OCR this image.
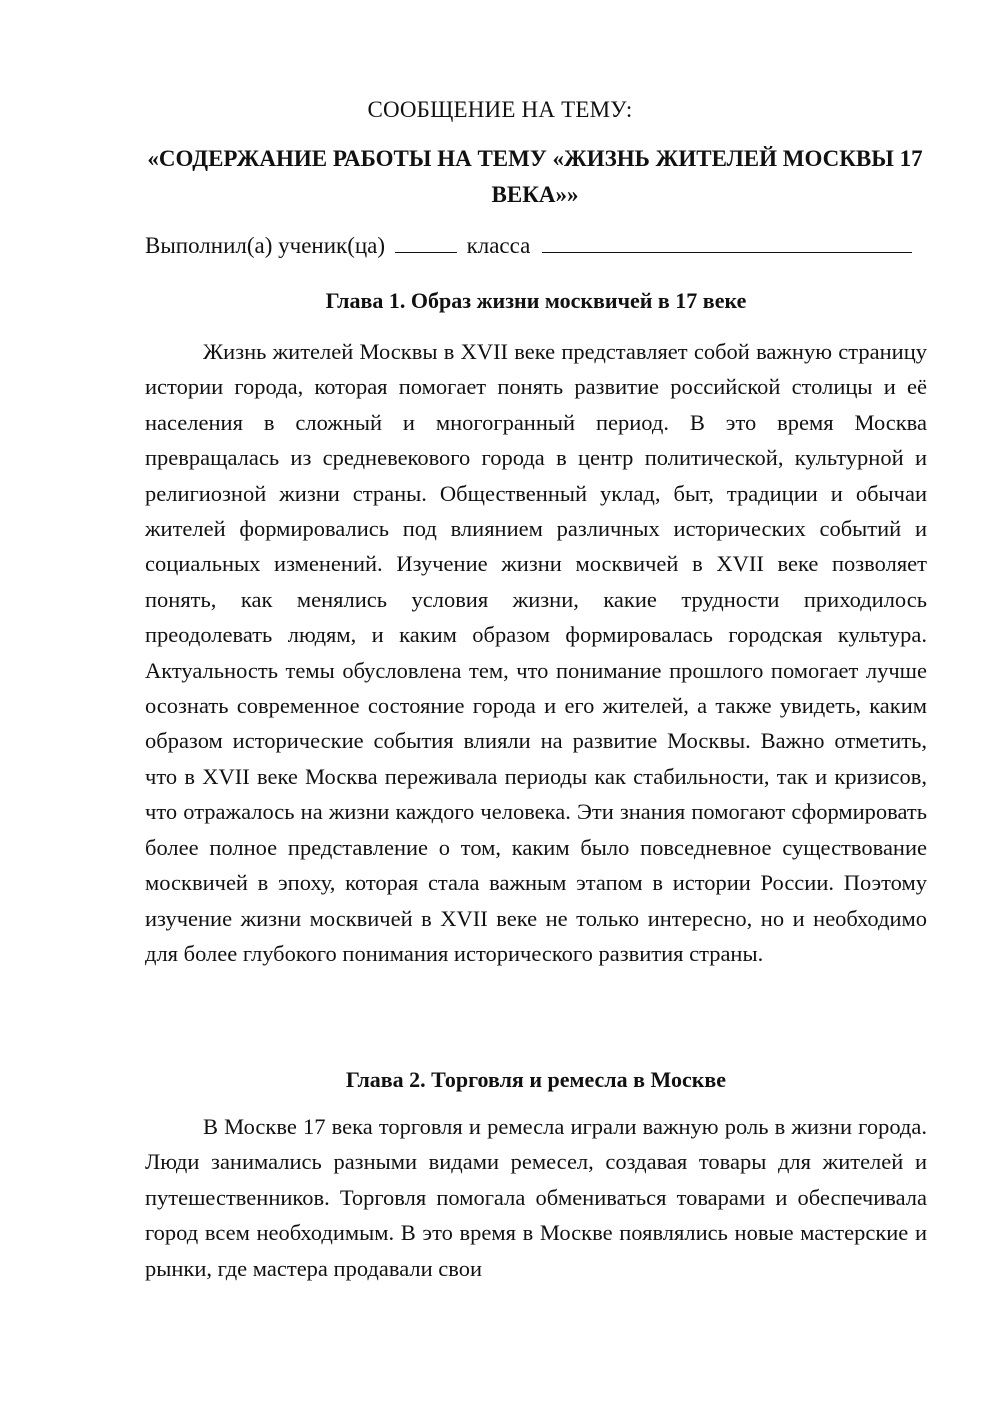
СООБЩЕНИЕ НА ТЕМУ:
«СОДЕРЖАНИЕ РАБОТЫ НА ТЕМУ «ЖИЗНЬ ЖИТЕЛЕЙ МОСКВЫ 17 ВЕКА»»
Выполнил(а) ученик(ца)	класса
Глава 1. Образ жизни москвичей в 17 веке

Жизнь жителей Москвы в XVII веке представляет собой важную страницу истории города, которая помогает понять развитие российской столицы и её населения в сложный и многогранный период. В это время Москва превращалась из средневекового города в центр политической, культурной и религиозной жизни страны. Общественный уклад, быт, традиции и обычаи жителей формировались под влиянием различных исторических событий и социальных изменений. Изучение жизни москвичей в XVII веке позволяет понять, как менялись условия жизни, какие трудности приходилось преодолевать людям, и каким образом формировалась городская культура. Актуальность темы обусловлена тем, что понимание прошлого помогает лучше осознать современное состояние города и его жителей, а также увидеть, каким образом исторические события влияли на развитие Москвы. Важно отметить, что в XVII веке Москва переживала периоды как стабильности, так и кризисов, что отражалось на жизни каждого человека. Эти знания помогают сформировать более полное представление о том, каким было повседневное существование москвичей в эпоху, которая стала важным этапом в истории России. Поэтому изучение жизни москвичей в XVII веке не только интересно, но и необходимо для более глубокого понимания исторического развития страны.

Глава 2. Торговля и ремесла в Москве

В Москве 17 века торговля и ремесла играли важную роль в жизни города. Люди занимались разными видами ремесел, создавая товары для жителей и путешественников. Торговля помогала обмениваться товарами и обеспечивала город всем необходимым. В это время в Москве появлялись новые мастерские и рынки, где мастера продавали свои
